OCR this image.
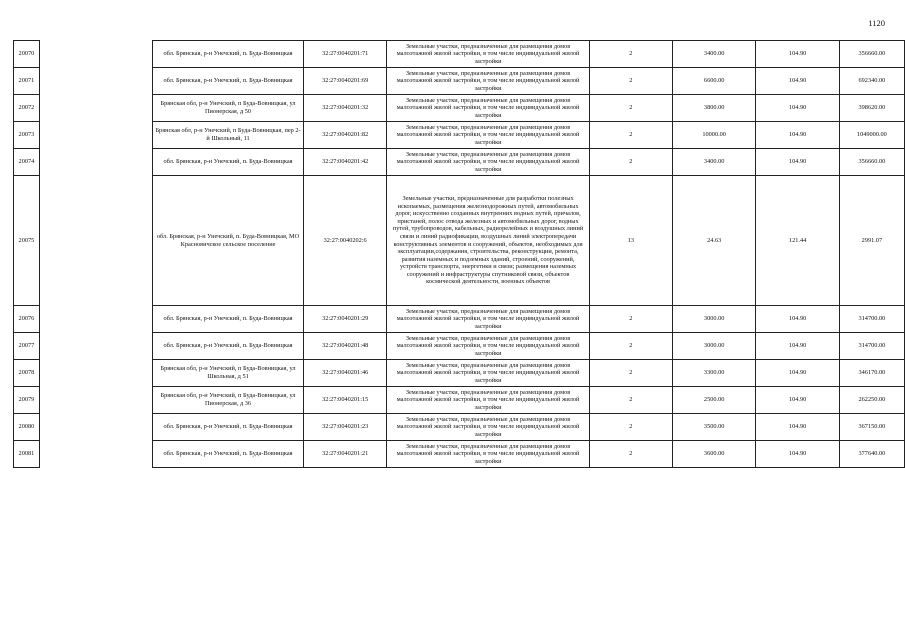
1120
20070		обл. Брянская, р-н Унечский, п. Буда-Вовницкая	32:27:0040201:71	Земельные участки, предназначенные для размещения домов малоэтажной жилой застройки, в том числе индивидуальной жилой застройки	2	3400.00	104.90	356660.00
20071		обл. Брянская, р-н Унечский, п. Буда-Вовницкая	32:27:0040201:69	Земельные участки, предназначенные для размещения домов малоэтажной жилой застройки, в том числе индивидуальной жилой застройки	2	6600.00	104.90	692340.00
20072		Брянская обл, р-н Унечский, п Буда-Вовницкая, ул Пионерская, д 50	32:27:0040201:32	Земельные участки, предназначенные для размещения домов малоэтажной жилой застройки, в том числе индивидуальной жилой застройки	2	3800.00	104.90	398620.00
20073		Брянская обл, р-н Унечский, п Буда-Вовницкая, пер 2-й Школьный, 11	32:27:0040201:82	Земельные участки, предназначенные для размещения домов малоэтажной жилой застройки, в том числе индивидуальной жилой застройки	2	10000.00	104.90	1049000.00
20074		обл. Брянская, р-н Унечский, п. Буда-Вовницкая	32:27:0040201:42	Земельные участки, предназначенные для размещения домов малоэтажной жилой застройки, в том числе индивидуальной жилой застройки	2	3400.00	104.90	356660.00
20075		обл. Брянская, р-н Унечский, п. Буда-Вовницкая, МО Красновичское сельское поселение	32:27:0040202:6	Земельные участки, предназначенные для разработки полезных ископаемых, размещения железнодорожных путей, автомобильных дорог, искусственно созданных внутренних водных путей, причалов, пристаней, полос отвода железных и автомобильных дорог, водных путей, трубопроводов, кабельных, радиорелейных и воздушных линий связи и линий радиофикации, воздушных линий электропередачи конструктивных элементов и сооружений, объектов, необходимых для эксплуатации,содержания, строительства, реконструкции, ремонта, развития наземных и подземных зданий, строений, сооружений, устройств транспорта, энергетики и связи; размещения наземных сооружений и инфраструктуры спутниковой связи, объектов космической деятельности, военных объектов	13	24.63	121.44	2991.07
20076		обл. Брянская, р-н Унечский, п. Буда-Вовницкая	32:27:0040201:29	Земельные участки, предназначенные для размещения домов малоэтажной жилой застройки, в том числе индивидуальной жилой застройки	2	3000.00	104.90	314700.00
20077		обл. Брянская, р-н Унечский, п. Буда-Вовницкая	32:27:0040201:48	Земельные участки, предназначенные для размещения домов малоэтажной жилой застройки, в том числе индивидуальной жилой застройки	2	3000.00	104.90	314700.00
20078		Брянская обл, р-н Унечский, п Буда-Вовницкая, ул Школьная, д 51	32:27:0040201:46	Земельные участки, предназначенные для размещения домов малоэтажной жилой застройки, в том числе индивидуальной жилой застройки	2	3300.00	104.90	346170.00
20079		Брянская обл, р-н Унечский, п Буда-Вовницкая, ул Пионерская, д 36	32:27:0040201:15	Земельные участки, предназначенные для размещения домов малоэтажной жилой застройки, в том числе индивидуальной жилой застройки	2	2500.00	104.90	262250.00
20080		обл. Брянская, р-н Унечский, п. Буда-Вовницкая	32:27:0040201:23	Земельные участки, предназначенные для размещения домов малоэтажной жилой застройки, в том числе индивидуальной жилой застройки	2	3500.00	104.90	367150.00
20081		обл. Брянская, р-н Унечский, п. Буда-Вовницкая	32:27:0040201:21	Земельные участки, предназначенные для размещения домов малоэтажной жилой застройки, в том числе индивидуальной жилой застройки	2	3600.00	104.90	377640.00
